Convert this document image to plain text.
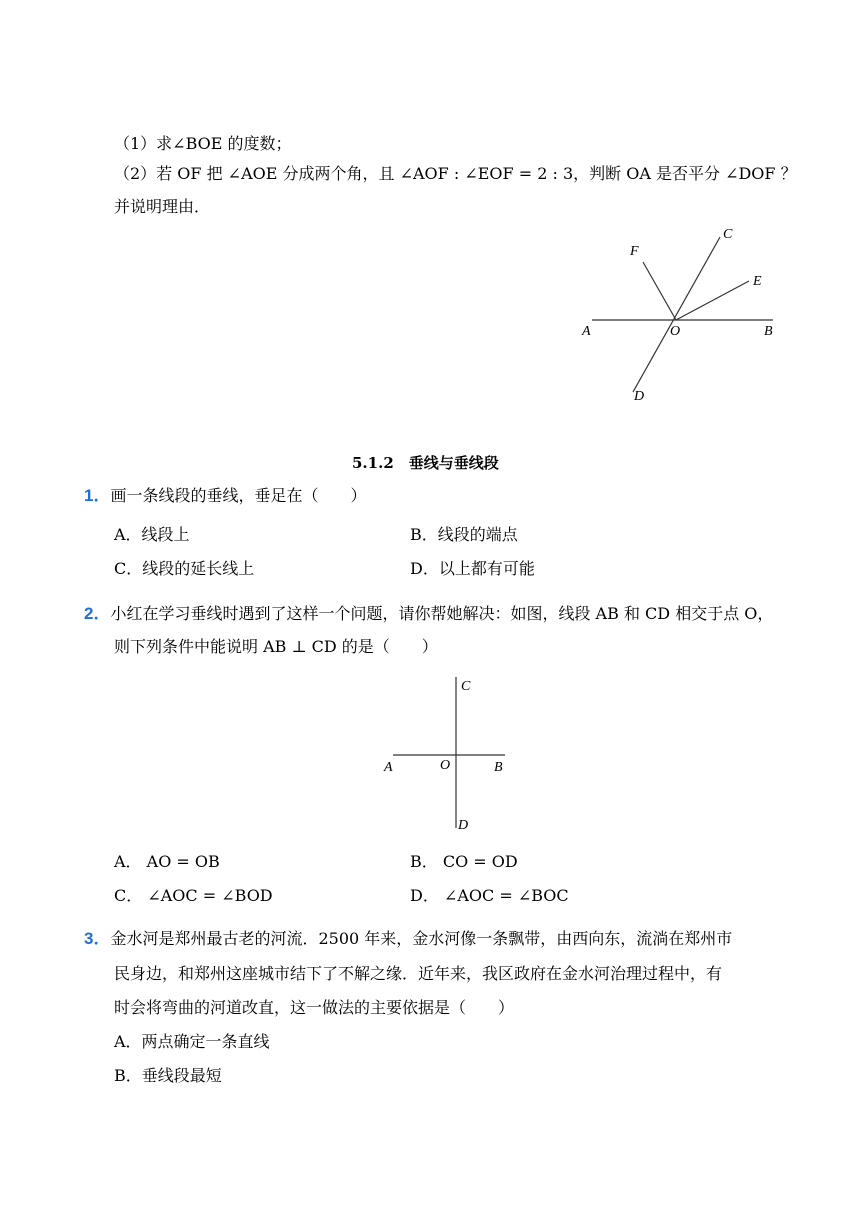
（1）求∠BOE 的度数；
（2）若 OF 把 ∠AOE 分成两个角，且 ∠AOF : ∠EOF = 2 : 3，判断 OA 是否平分 ∠DOF ？
并说明理由．
F
C
E
A	O	B
D
5.1.2　垂线与垂线段
1．画一条线段的垂线，垂足在（　　）
A．线段上	B．线段的端点
C．线段的延长线上	D．以上都有可能
2．小红在学习垂线时遇到了这样一个问题，请你帮她解决：如图，线段 AB 和 CD 相交于点 O，
则下列条件中能说明 AB ⊥ CD 的是（　　）
C
A	O	B
D
A． AO = OB	B． CO = OD
C． ∠AOC = ∠BOD	D． ∠AOC = ∠BOC
3．金水河是郑州最古老的河流．2500 年来，金水河像一条飘带，由西向东，流淌在郑州市
民身边，和郑州这座城市结下了不解之缘．近年来，我区政府在金水河治理过程中，有
时会将弯曲的河道改直，这一做法的主要依据是（　　）
A．两点确定一条直线
B．垂线段最短
